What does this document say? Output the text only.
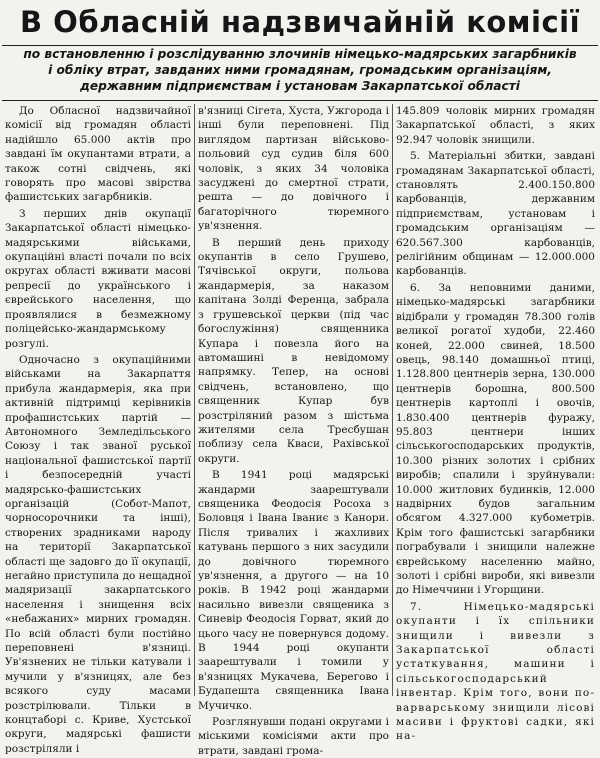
В Обласній надзвичайній комісії
по встановленню і розслідуванню злочинів німецько-мадярських загарбників
і обліку втрат, завданих ними громадянам, громадським організаціям,
державним підприємствам і установам Закарпатської області

До Обласної надзвичайної комісії від громадян області надійшло 65.000 актів про завдані їм окупантами втрати, а також сотні свідчень, які говорять про масові звірства фашистських загарбників.

З перших днів окупації Закарпатської області німецько-мадярськими військами, окупаційні власті почали по всіх округах області вживати масові репресії до українського і єврейського населення, що проявлялися в безмежному поліцейсько-жандармському розгулі.

Одночасно з окупаційними військами на Закарпаття прибула жандармерія, яка при активній підтримці керівників профашистських партій — Автономного Земледільського Союзу і так званої руської національної фашистської партії і безпосередній участі мадярсько-фашистських організацій (Собот-Мапот, чорносорочники та інші), створених зрадниками народу на території Закарпатської області ще задовго до її окупації, негайно приступила до нещадної мадяризації закарпатського населення і знищення всіх «небажаних» мирних громадян. По всій області були постійно переповнені в'язниці. Ув'язнених не тільки катували і мучили у в'язницях, але без всякого суду масами розстрілювали. Тільки в концтаборі с. Криве, Хустської округи, мадярські фашисти розстріляли і

в'язниці Сігета, Хуста, Ужгорода і інші були переповнені. Під виглядом партизан військово-польовий суд судив біля 600 чоловік, з яких 34 чоловіка засуджені до смертної страти, решта — до довічного і багаторічного тюремного ув'язнення.

В перший день приходу окупантів в село Грушево, Тячівської округи, польова жандармерія, за наказом капітана Золді Ференца, забрала з грушевської церкви (під час богослужіння) священника Купара і повезла його на автомашині в невідомому напрямку. Тепер, на основі свідчень, встановлено, що священник Купар був розстріляний разом з шістьма жителями села Тресбушан поблизу села Кваси, Рахівської округи.

В 1941 році мадярські жандарми заарештували священика Феодосія Росоха з Боловця і Івана Іваниє з Канори. Після тривалих і жахливих катувань першого з них засудили до довічного тюремного ув'язнення, а другого — на 10 років. В 1942 році жандарми насильно вивезли священика з Синевір Феодосія Горват, який до цього часу не повернувся додому. В 1944 році окупанти заарештували і томили у в'язницях Мукачева, Берегово і Будапешта священника Івана Мучичко.

Розглянувши подані округами і міськими комісіями акти про втрати, завдані грома-

145.809 чоловік мирних громадян Закарпатської області, з яких 92.947 чоловік знищили.

5. Матеріальні збитки, завдані громадянам Закарпатської області, становлять 2.400.150.800 карбованців, державним підприємствам, установам і громадським організаціям — 620.567.300 карбованців, релігійним общинам — 12.000.000 карбованців.

6. За неповними даними, німецько-мадярські загарбники відібрали у громадян 78.300 голів великої рогатої худоби, 22.460 коней, 22.000 свиней, 18.500 овець, 98.140 домашньої птиці, 1.128.800 центнерів зерна, 130.000 центнерів борошна, 800.500 центнерів картоплі і овочів, 1.830.400 центнерів фуражу, 95.803 центнери інших сільськогосподарських продуктів, 10.300 різних золотих і срібних виробів; спалили і зруйнували: 10.000 житлових будинків, 12.000 надвірних будов загальним обсягом 4.327.000 кубометрів. Крім того фашистські загарбники пограбували і знищили належне єврейському населенню майно, золоті і срібні вироби, які вивезли до Німеччини і Угорщини.

7. Німецько-мадярські окупанти і їх спільники знищили і вивезли з Закарпатської області устаткування, машини і сільськогосподарський інвентар. Крім того, вони по-варварському знищили лісові масиви і фруктові садки, які на-
